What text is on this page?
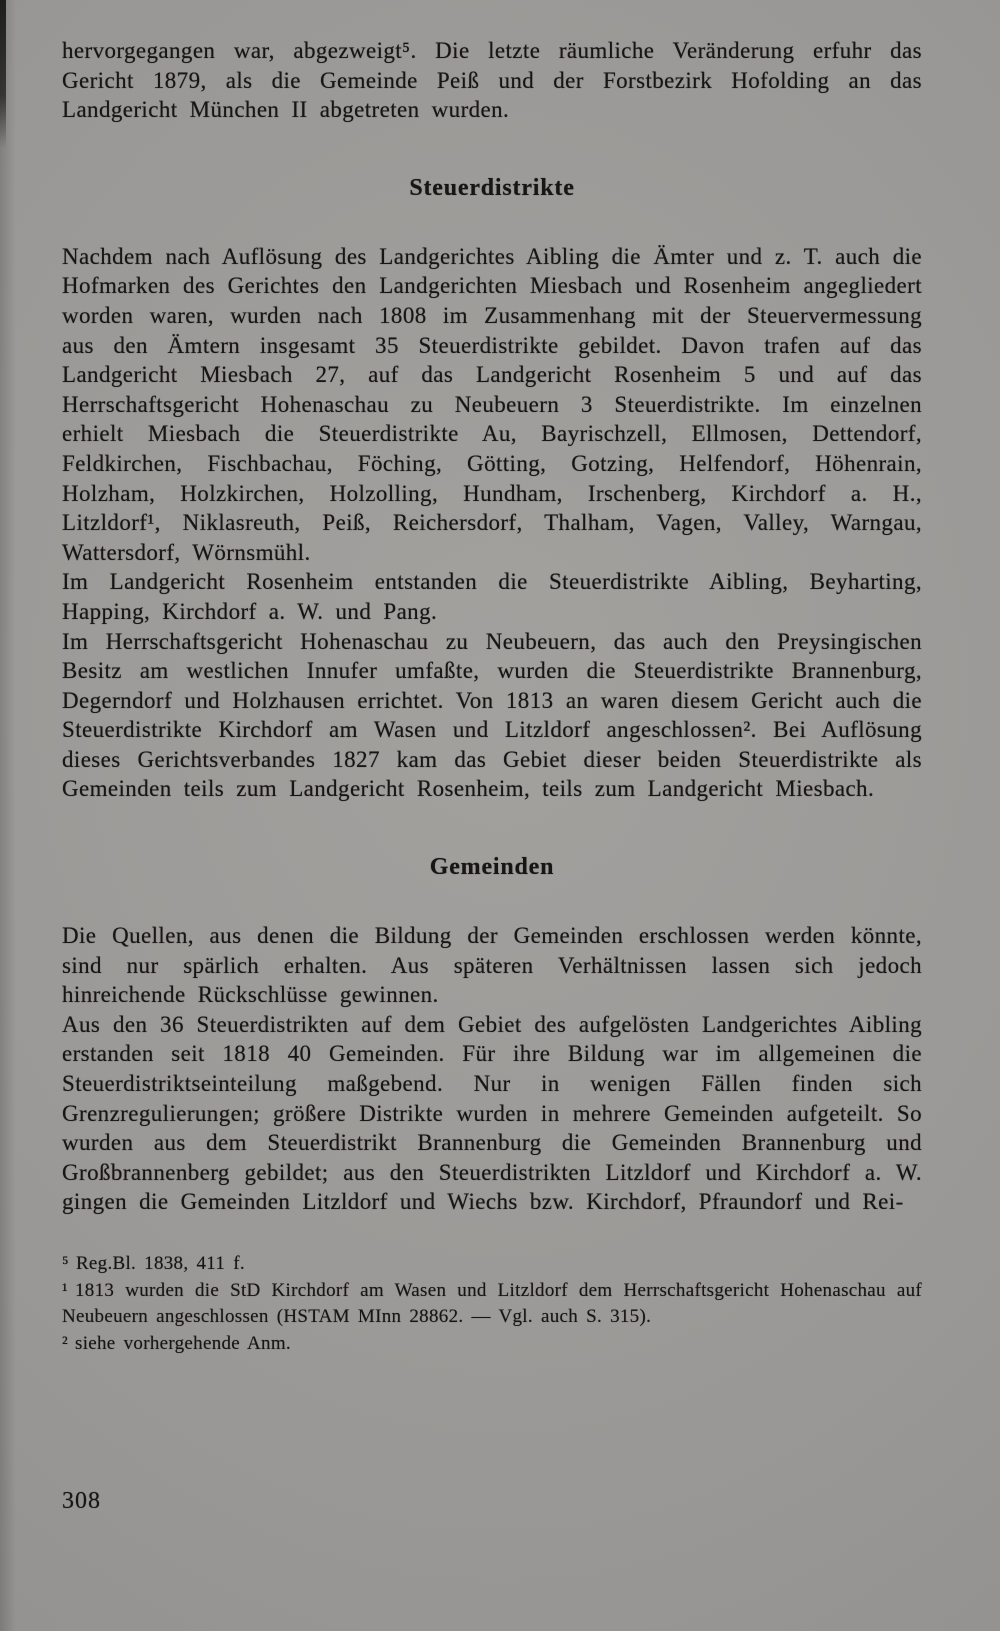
hervorgegangen war, abgezweigt⁵. Die letzte räumliche Veränderung erfuhr das Gericht 1879, als die Gemeinde Peiß und der Forstbezirk Hofolding an das Landgericht München II abgetreten wurden.

Steuerdistrikte

Nachdem nach Auflösung des Landgerichtes Aibling die Ämter und z. T. auch die Hofmarken des Gerichtes den Landgerichten Miesbach und Rosenheim angegliedert worden waren, wurden nach 1808 im Zusammenhang mit der Steuervermessung aus den Ämtern insgesamt 35 Steuerdistrikte gebildet. Davon trafen auf das Landgericht Miesbach 27, auf das Landgericht Rosenheim 5 und auf das Herrschaftsgericht Hohenaschau zu Neubeuern 3 Steuerdistrikte. Im einzelnen erhielt Miesbach die Steuerdistrikte Au, Bayrischzell, Ellmosen, Dettendorf, Feldkirchen, Fischbachau, Föching, Götting, Gotzing, Helfendorf, Höhenrain, Holzham, Holzkirchen, Holzolling, Hundham, Irschenberg, Kirchdorf a. H., Litzldorf¹, Niklasreuth, Peiß, Reichersdorf, Thalham, Vagen, Valley, Warngau, Wattersdorf, Wörnsmühl.

Im Landgericht Rosenheim entstanden die Steuerdistrikte Aibling, Beyharting, Happing, Kirchdorf a. W. und Pang.

Im Herrschaftsgericht Hohenaschau zu Neubeuern, das auch den Preysingischen Besitz am westlichen Innufer umfaßte, wurden die Steuerdistrikte Brannenburg, Degerndorf und Holzhausen errichtet. Von 1813 an waren diesem Gericht auch die Steuerdistrikte Kirchdorf am Wasen und Litzldorf angeschlossen². Bei Auflösung dieses Gerichtsverbandes 1827 kam das Gebiet dieser beiden Steuerdistrikte als Gemeinden teils zum Landgericht Rosenheim, teils zum Landgericht Miesbach.

Gemeinden

Die Quellen, aus denen die Bildung der Gemeinden erschlossen werden könnte, sind nur spärlich erhalten. Aus späteren Verhältnissen lassen sich jedoch hinreichende Rückschlüsse gewinnen.

Aus den 36 Steuerdistrikten auf dem Gebiet des aufgelösten Landgerichtes Aibling erstanden seit 1818 40 Gemeinden. Für ihre Bildung war im allgemeinen die Steuerdistriktseinteilung maßgebend. Nur in wenigen Fällen finden sich Grenzregulierungen; größere Distrikte wurden in mehrere Gemeinden aufgeteilt. So wurden aus dem Steuerdistrikt Brannenburg die Gemeinden Brannenburg und Großbrannenberg gebildet; aus den Steuerdistrikten Litzldorf und Kirchdorf a. W. gingen die Gemeinden Litzldorf und Wiechs bzw. Kirchdorf, Pfraundorf und Rei-

⁵ Reg.Bl. 1838, 411 f.

¹ 1813 wurden die StD Kirchdorf am Wasen und Litzldorf dem Herrschaftsgericht Hohenaschau auf Neubeuern angeschlossen (HSTAM MInn 28862. — Vgl. auch S. 315).

² siehe vorhergehende Anm.

308
